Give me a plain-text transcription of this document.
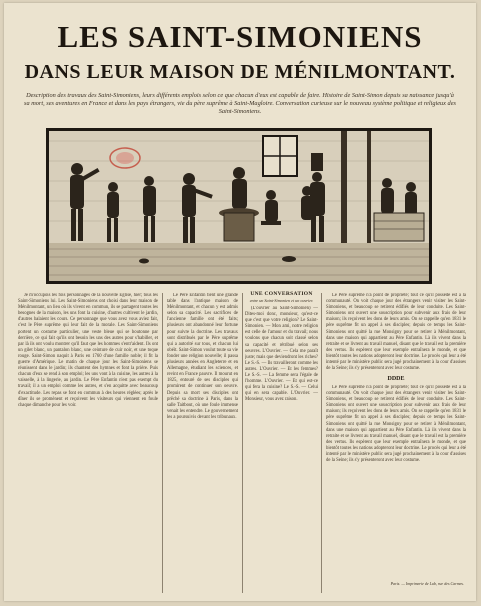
LES SAINT-SIMONIENS
DANS LEUR MAISON DE MÉNILMONTANT.
Description des travaux des Saint-Simoniens, leurs différents emplois selon ce que chacun d'eux est capable de faire. Histoire de Saint-Simon depuis sa naissance jusqu'à sa mort, ses aventures en France et dans les pays étrangers, vie du père suprême à Saint-Magloire. Conversation curieuse sur le nouveau système politique et religieux des Saint-Simoniens.

Je m'occupois les fois personnages de la nouvelle Eglise, hier; tous les Saint-Simoniens lui. Les Saint-Simoniens ont choisi dans leur maison de Ménilmontant, un lieu où ils vivent en commun, ils se partagent toutes les besognes de la maison, les uns font la cuisine, d'autres cultivent le jardin, d'autres balaient les cours. Ce personnage que vous avez vous aviez fait, c'est le Père suprême qui leur fait de la morale. Les Saint-Simoniens portent un costume particulier, une veste bleue qui se boutonne par derrière, ce qui fait qu'ils ont besoin les uns des autres pour s'habiller, et par là ils ont voulu montrer qu'il faut que les hommes s'entr'aident. Ils ont un gilet blanc, un pantalon blanc, une ceinture de cuir noir, et une toque rouge. Saint-Simon naquit à Paris en 1760 d'une famille noble; il fit la guerre d'Amérique. Le matin de chaque jour les Saint-Simoniens se réunissent dans le jardin; ils chantent des hymnes et font la prière. Puis chacun d'eux se rend à son emploi; les uns vont à la cuisine, les autres à la vaisselle, à la lingerie, au jardin. Le Père Enfantin n'est pas exempt du travail; il a un emploi comme les autres, et s'en acquitte avec beaucoup d'exactitude. Les repas se font en commun à des heures réglées; après le dîner ils se promènent et reçoivent les visiteurs qui viennent en foule chaque dimanche pour les voir.

Le Père Enfantin tient une grande table dans l'antique maison de Ménilmontant, et chacun y est admis selon sa capacité. Les sacrifices de l'ancienne famille ont été faits; plusieurs ont abandonné leur fortune pour suivre la doctrine. Les travaux sont distribués par le Père suprême qui a autorité sur tous, et chacun lui obéit. Saint-Simon voulut toute sa vie fonder une religion nouvelle; il passa plusieurs années en Angleterre et en Allemagne, étudiant les sciences, et revint en France pauvre. Il mourut en 1825, entouré de ses disciples qui promirent de continuer son oeuvre. Depuis sa mort ses disciples ont prêché sa doctrine à Paris, dans la salle Taitbout, où une foule immense venait les entendre. Le gouvernement les a poursuivis devant les tribunaux.

UNE CONVERSATION
entre un Saint-Simonien et un ouvrier.

(L'ouvrier au Saint-Simonien) — Dites-moi donc, monsieur, qu'est-ce que c'est que votre religion? Le Saint-Simonien. — Mon ami, notre religion est celle de l'amour et du travail; nous voulons que chacun soit classé selon sa capacité et rétribué selon ses oeuvres. L'Ouvrier. — Cela me paraît juste; mais que deviendront les riches? Le S.-S. — Ils travailleront comme les autres. L'Ouvrier. — Et les femmes? Le S.-S. — La femme sera l'égale de l'homme. L'Ouvrier. — Et qui est-ce qui fera la cuisine? Le S.-S. — Celui qui en sera capable. L'Ouvrier. — Monsieur, vous avez raison.

Le Père suprême n'a point de propriété; tout ce qu'il possède est à la communauté. On voit chaque jour des étrangers venir visiter les Saint-Simoniens, et beaucoup se retirent édifiés de leur conduite. Les Saint-Simoniens ont ouvert une souscription pour subvenir aux frais de leur maison; ils reçoivent les dons de leurs amis. On se rappelle qu'en 1831 le père suprême fit un appel à ses disciples; depuis ce temps les Saint-Simoniens ont quitté la rue Monsigny pour se retirer à Ménilmontant, dans une maison qui appartient au Père Enfantin. Là ils vivent dans la retraite et se livrent au travail manuel, disant que le travail est la première des vertus. Ils espèrent que leur exemple entraînera le monde, et que bientôt toutes les nations adopteront leur doctrine. Le procès qui leur a été intenté par le ministère public sera jugé prochainement à la cour d'assises de la Seine; ils s'y présenteront avec leur costume.

DDDE

Le Père suprême n'a point de propriété; tout ce qu'il possède est à la communauté. On voit chaque jour des étrangers venir visiter les Saint-Simoniens, et beaucoup se retirent édifiés de leur conduite. Les Saint-Simoniens ont ouvert une souscription pour subvenir aux frais de leur maison; ils reçoivent les dons de leurs amis. On se rappelle qu'en 1831 le père suprême fit un appel à ses disciples; depuis ce temps les Saint-Simoniens ont quitté la rue Monsigny pour se retirer à Ménilmontant, dans une maison qui appartient au Père Enfantin. Là ils vivent dans la retraite et se livrent au travail manuel, disant que le travail est la première des vertus. Ils espèrent que leur exemple entraînera le monde, et que bientôt toutes les nations adopteront leur doctrine. Le procès qui leur a été intenté par le ministère public sera jugé prochainement à la cour d'assises de la Seine; ils s'y présenteront avec leur costume.

Paris. — Imprimerie de Lub, rue des Carmes.
